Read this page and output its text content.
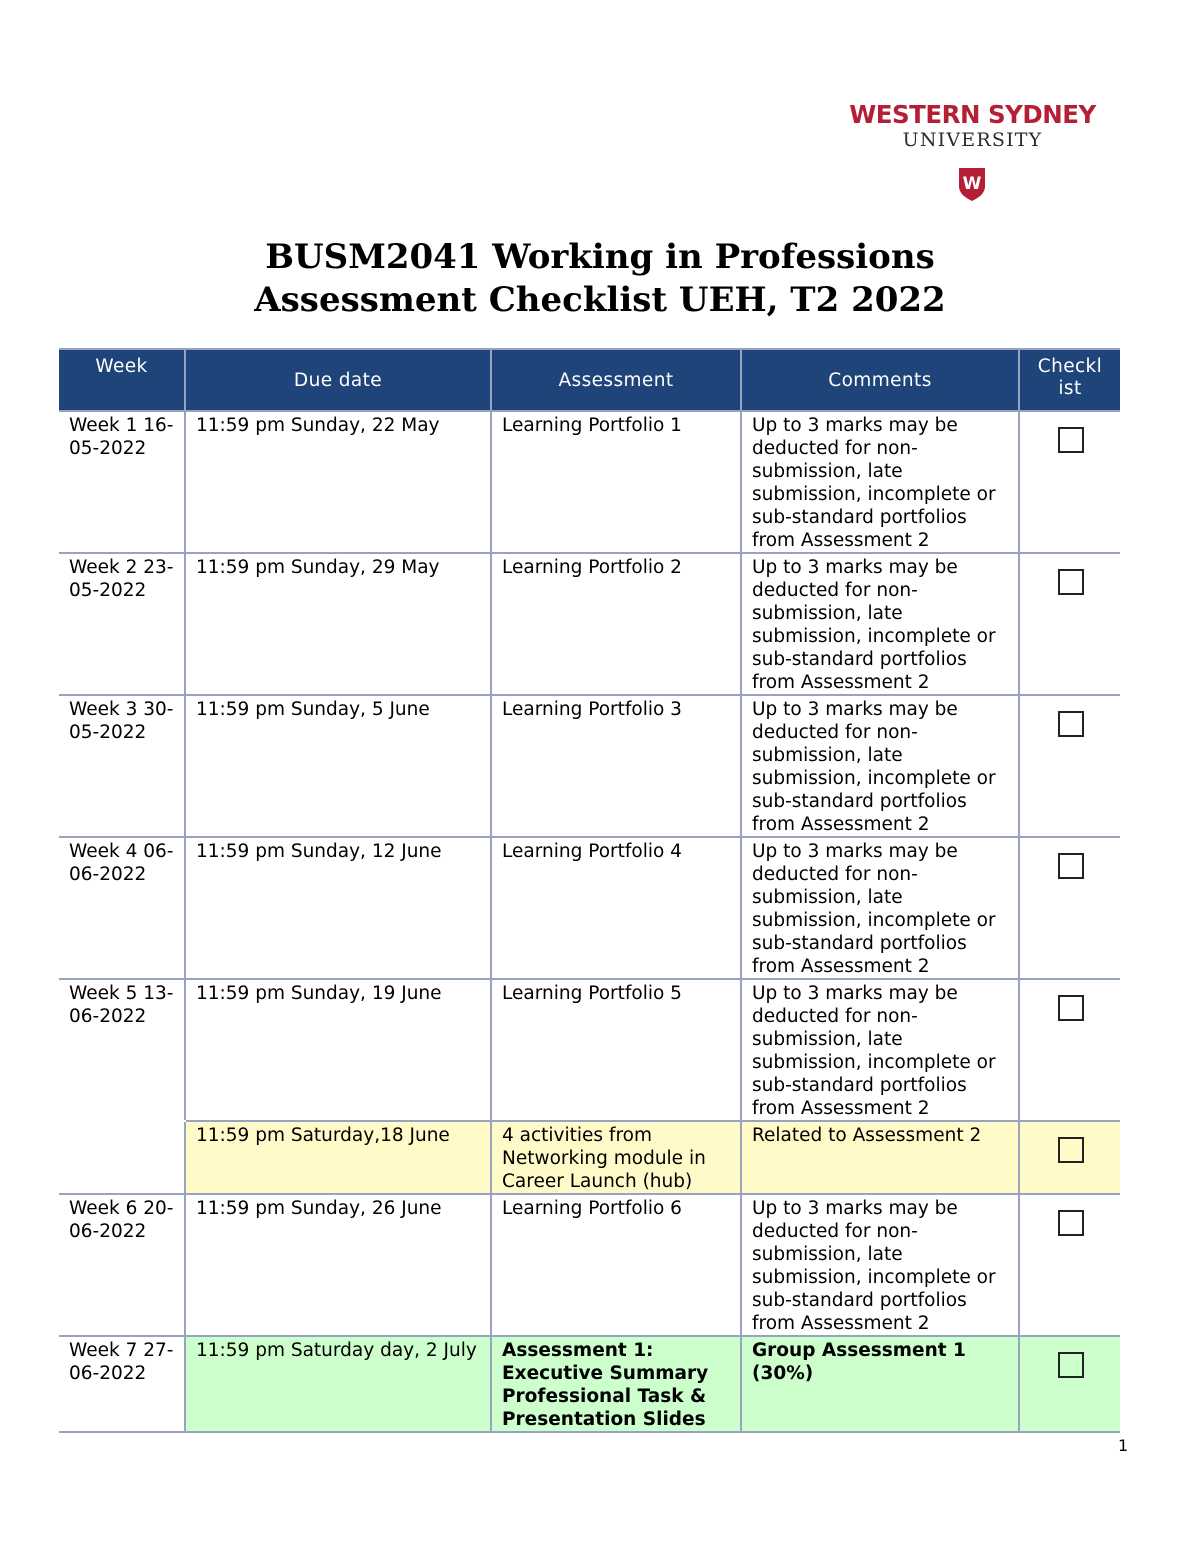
WESTERN SYDNEY
UNIVERSITY
W
BUSM2041 Working in Professions
Assessment Checklist UEH, T2 2022
Week	Due date	Assessment	Comments	Checkl ist
Week 1 16-05-2022	11:59 pm Sunday, 22 May	Learning Portfolio 1	Up to 3 marks may be deducted for non-submission, late submission, incomplete or sub-standard portfolios from Assessment 2	
Week 2 23-05-2022	11:59 pm Sunday, 29 May	Learning Portfolio 2	Up to 3 marks may be deducted for non-submission, late submission, incomplete or sub-standard portfolios from Assessment 2	
Week 3 30-05-2022	11:59 pm Sunday, 5 June	Learning Portfolio 3	Up to 3 marks may be deducted for non-submission, late submission, incomplete or sub-standard portfolios from Assessment 2	
Week 4 06-06-2022	11:59 pm Sunday, 12 June	Learning Portfolio 4	Up to 3 marks may be deducted for non-submission, late submission, incomplete or sub-standard portfolios from Assessment 2	
Week 5 13-06-2022	11:59 pm Sunday, 19 June	Learning Portfolio 5	Up to 3 marks may be deducted for non-submission, late submission, incomplete or sub-standard portfolios from Assessment 2	
	11:59 pm Saturday,18 June	4 activities from Networking module in Career Launch (hub)	Related to Assessment 2	
Week 6 20-06-2022	11:59 pm Sunday, 26 June	Learning Portfolio 6	Up to 3 marks may be deducted for non-submission, late submission, incomplete or sub-standard portfolios from Assessment 2	
Week 7 27-06-2022	11:59 pm Saturday day, 2 July	Assessment 1: Executive Summary Professional Task & Presentation Slides	Group Assessment 1 (30%)	
1
